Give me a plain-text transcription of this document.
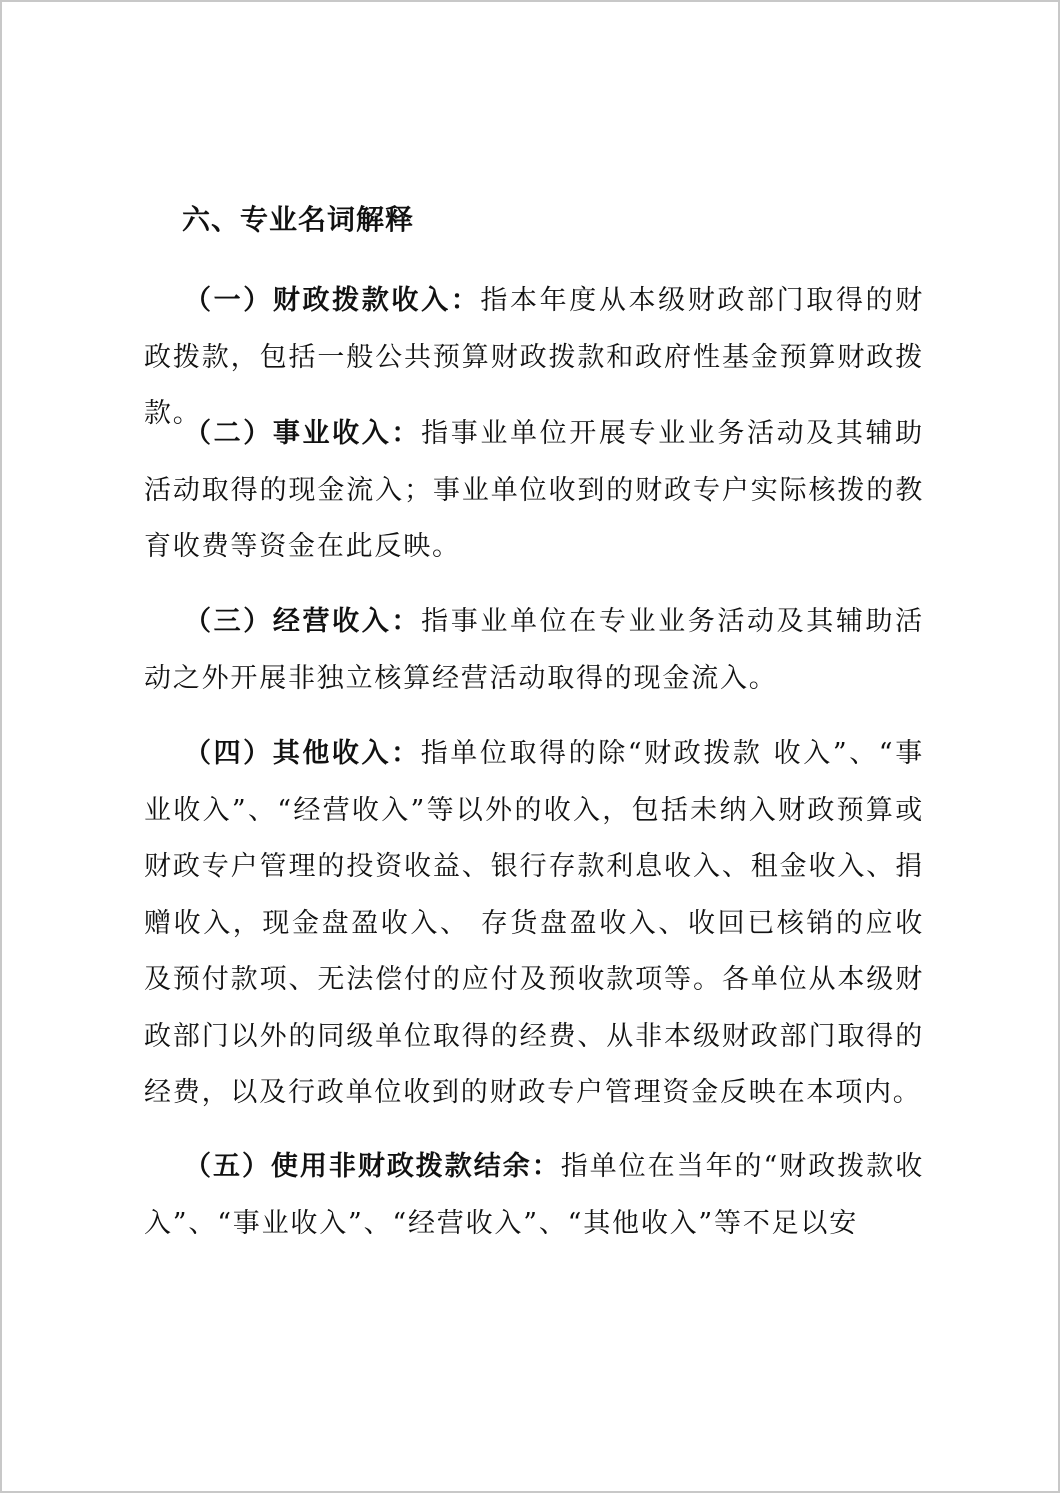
六、专业名词解释

（一）财政拨款收入：指本年度从本级财政部门取得的财政拨款，包括一般公共预算财政拨款和政府性基金预算财政拨款。

（二）事业收入：指事业单位开展专业业务活动及其辅助活动取得的现金流入；事业单位收到的财政专户实际核拨的教育收费等资金在此反映。

（三）经营收入：指事业单位在专业业务活动及其辅助活动之外开展非独立核算经营活动取得的现金流入。

（四）其他收入：指单位取得的除“财政拨款 收入”、“事业收入”、“经营收入”等以外的收入，包括未纳入财政预算或财政专户管理的投资收益、银行存款利息收入、租金收入、捐赠收入，现金盘盈收入、 存货盘盈收入、收回已核销的应收及预付款项、无法偿付的应付及预收款项等。各单位从本级财政部门以外的同级单位取得的经费、从非本级财政部门取得的经费，以及行政单位收到的财政专户管理资金反映在本项内。

（五）使用非财政拨款结余：指单位在当年的“财政拨款收入”、“事业收入”、“经营收入”、“其他收入”等不足以安
